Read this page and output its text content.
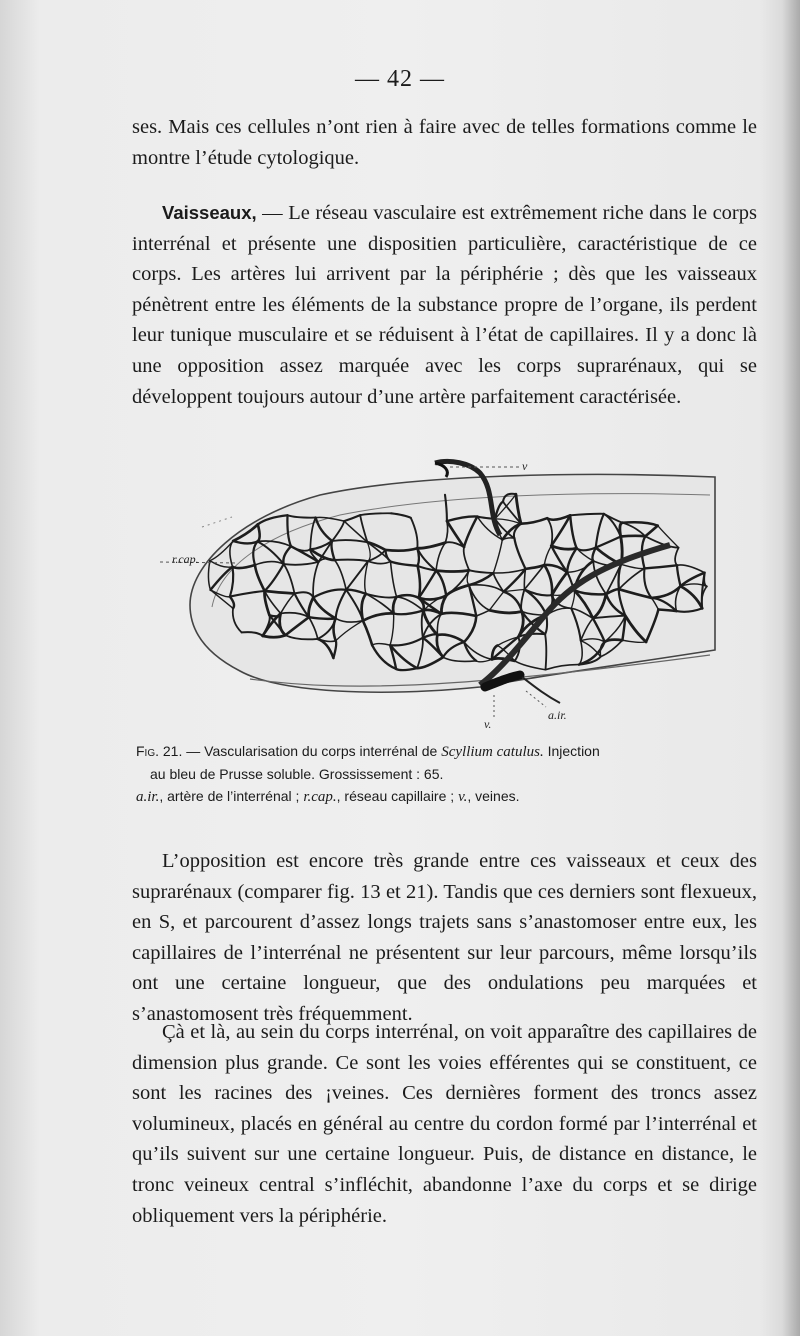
— 42 —

ses. Mais ces cellules n’ont rien à faire avec de telles formations comme le montre l’étude cytologique.

Vaisseaux, — Le réseau vasculaire est extrêmement riche dans le corps interrénal et présente une dispositien particulière, caractéristique de ce corps. Les artères lui arrivent par la périphérie ; dès que les vaisseaux pénètrent entre les éléments de la substance propre de l’organe, ils perdent leur tunique musculaire et se réduisent à l’état de capillaires. Il y a donc là une opposition assez marquée avec les corps suprarénaux, qui se développent toujours autour d’une artère parfaitement caractérisée.

r.cap.
v
v.
a.ir.
Fig. 21. — Vascularisation du corps interrénal de Scyllium catulus. Injection
au bleu de Prusse soluble. Grossissement : 65.
a.ir., artère de l’interrénal ; r.cap., réseau capillaire ; v., veines.

L’opposition est encore très grande entre ces vaisseaux et ceux des suprarénaux (comparer fig. 13 et 21). Tandis que ces derniers sont flexueux, en S, et parcourent d’assez longs trajets sans s’anastomoser entre eux, les capillaires de l’interrénal ne présentent sur leur parcours, même lorsqu’ils ont une certaine longueur, que des ondulations peu marquées et s’anastomosent très fréquemment.

Çà et là, au sein du corps interrénal, on voit apparaître des capillaires de dimension plus grande. Ce sont les voies efférentes qui se constituent, ce sont les racines des ¡veines. Ces dernières forment des troncs assez volumineux, placés en général au centre du cordon formé par l’interrénal et qu’ils suivent sur une certaine longueur. Puis, de distance en distance, le tronc veineux central s’infléchit, abandonne l’axe du corps et se dirige obliquement vers la périphérie.
